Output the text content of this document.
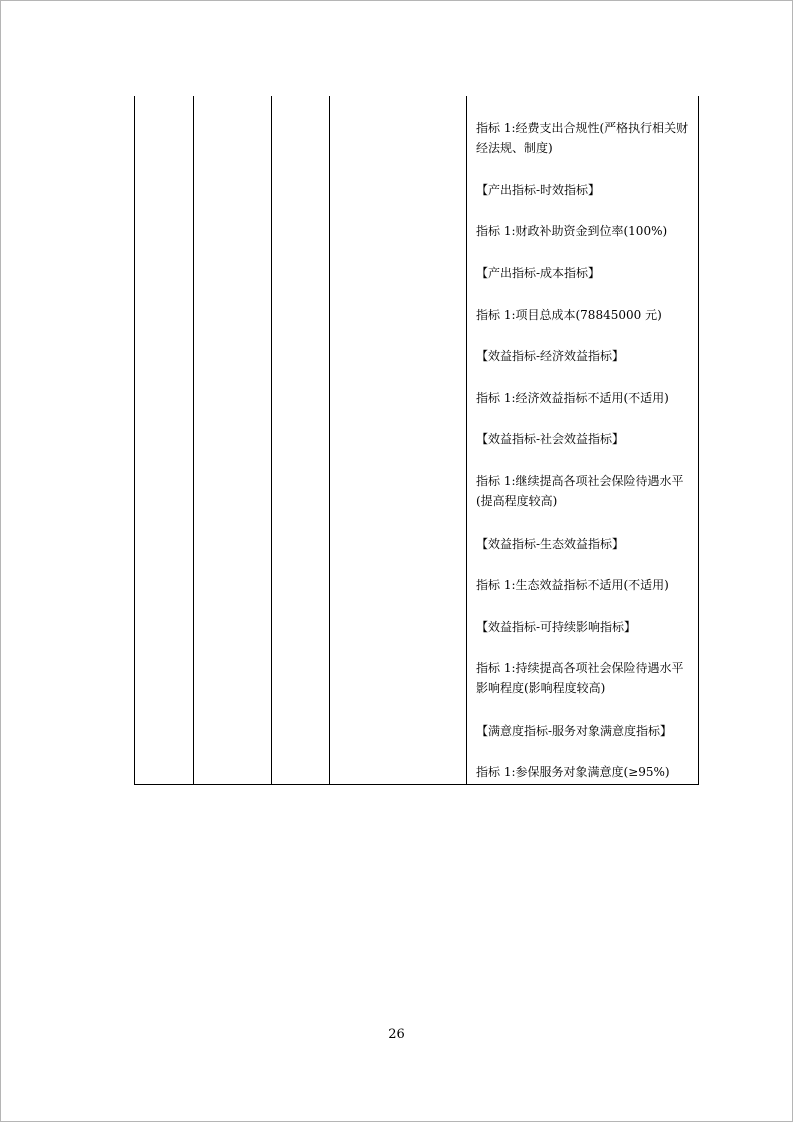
指标 1:经费支出合规性(严格执行相关财经法规、制度)

【产出指标-时效指标】

指标 1:财政补助资金到位率(100%)

【产出指标-成本指标】

指标 1:项目总成本(78845000 元)

【效益指标-经济效益指标】

指标 1:经济效益指标不适用(不适用)

【效益指标-社会效益指标】

指标 1:继续提高各项社会保险待遇水平(提高程度较高)

【效益指标-生态效益指标】

指标 1:生态效益指标不适用(不适用)

【效益指标-可持续影响指标】

指标 1:持续提高各项社会保险待遇水平影响程度(影响程度较高)

【满意度指标-服务对象满意度指标】

指标 1:参保服务对象满意度(≥95%)

26
